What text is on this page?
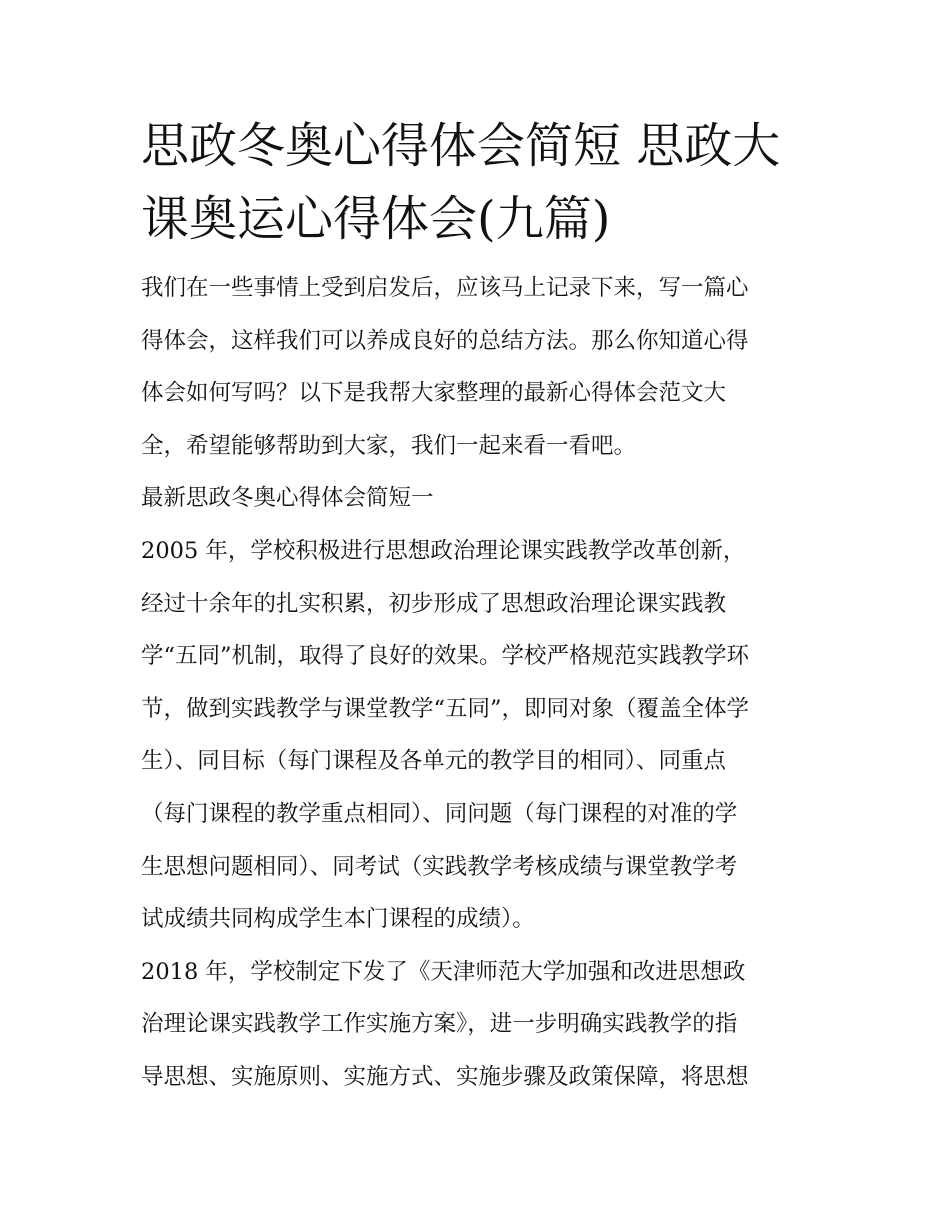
思政冬奥心得体会简短 思政大
课奥运心得体会(九篇)
我们在一些事情上受到启发后，应该马上记录下来，写一篇心
得体会，这样我们可以养成良好的总结方法。那么你知道心得
体会如何写吗？以下是我帮大家整理的最新心得体会范文大
全，希望能够帮助到大家，我们一起来看一看吧。
最新思政冬奥心得体会简短一
2005 年，学校积极进行思想政治理论课实践教学改革创新，
经过十余年的扎实积累，初步形成了思想政治理论课实践教
学“五同”机制，取得了良好的效果。学校严格规范实践教学环
节，做到实践教学与课堂教学“五同”，即同对象（覆盖全体学
生）、同目标（每门课程及各单元的教学目的相同）、同重点
（每门课程的教学重点相同）、同问题（每门课程的对准的学
生思想问题相同）、同考试（实践教学考核成绩与课堂教学考
试成绩共同构成学生本门课程的成绩）。
2018 年，学校制定下发了《天津师范大学加强和改进思想政
治理论课实践教学工作实施方案》，进一步明确实践教学的指
导思想、实施原则、实施方式、实施步骤及政策保障，将思想
